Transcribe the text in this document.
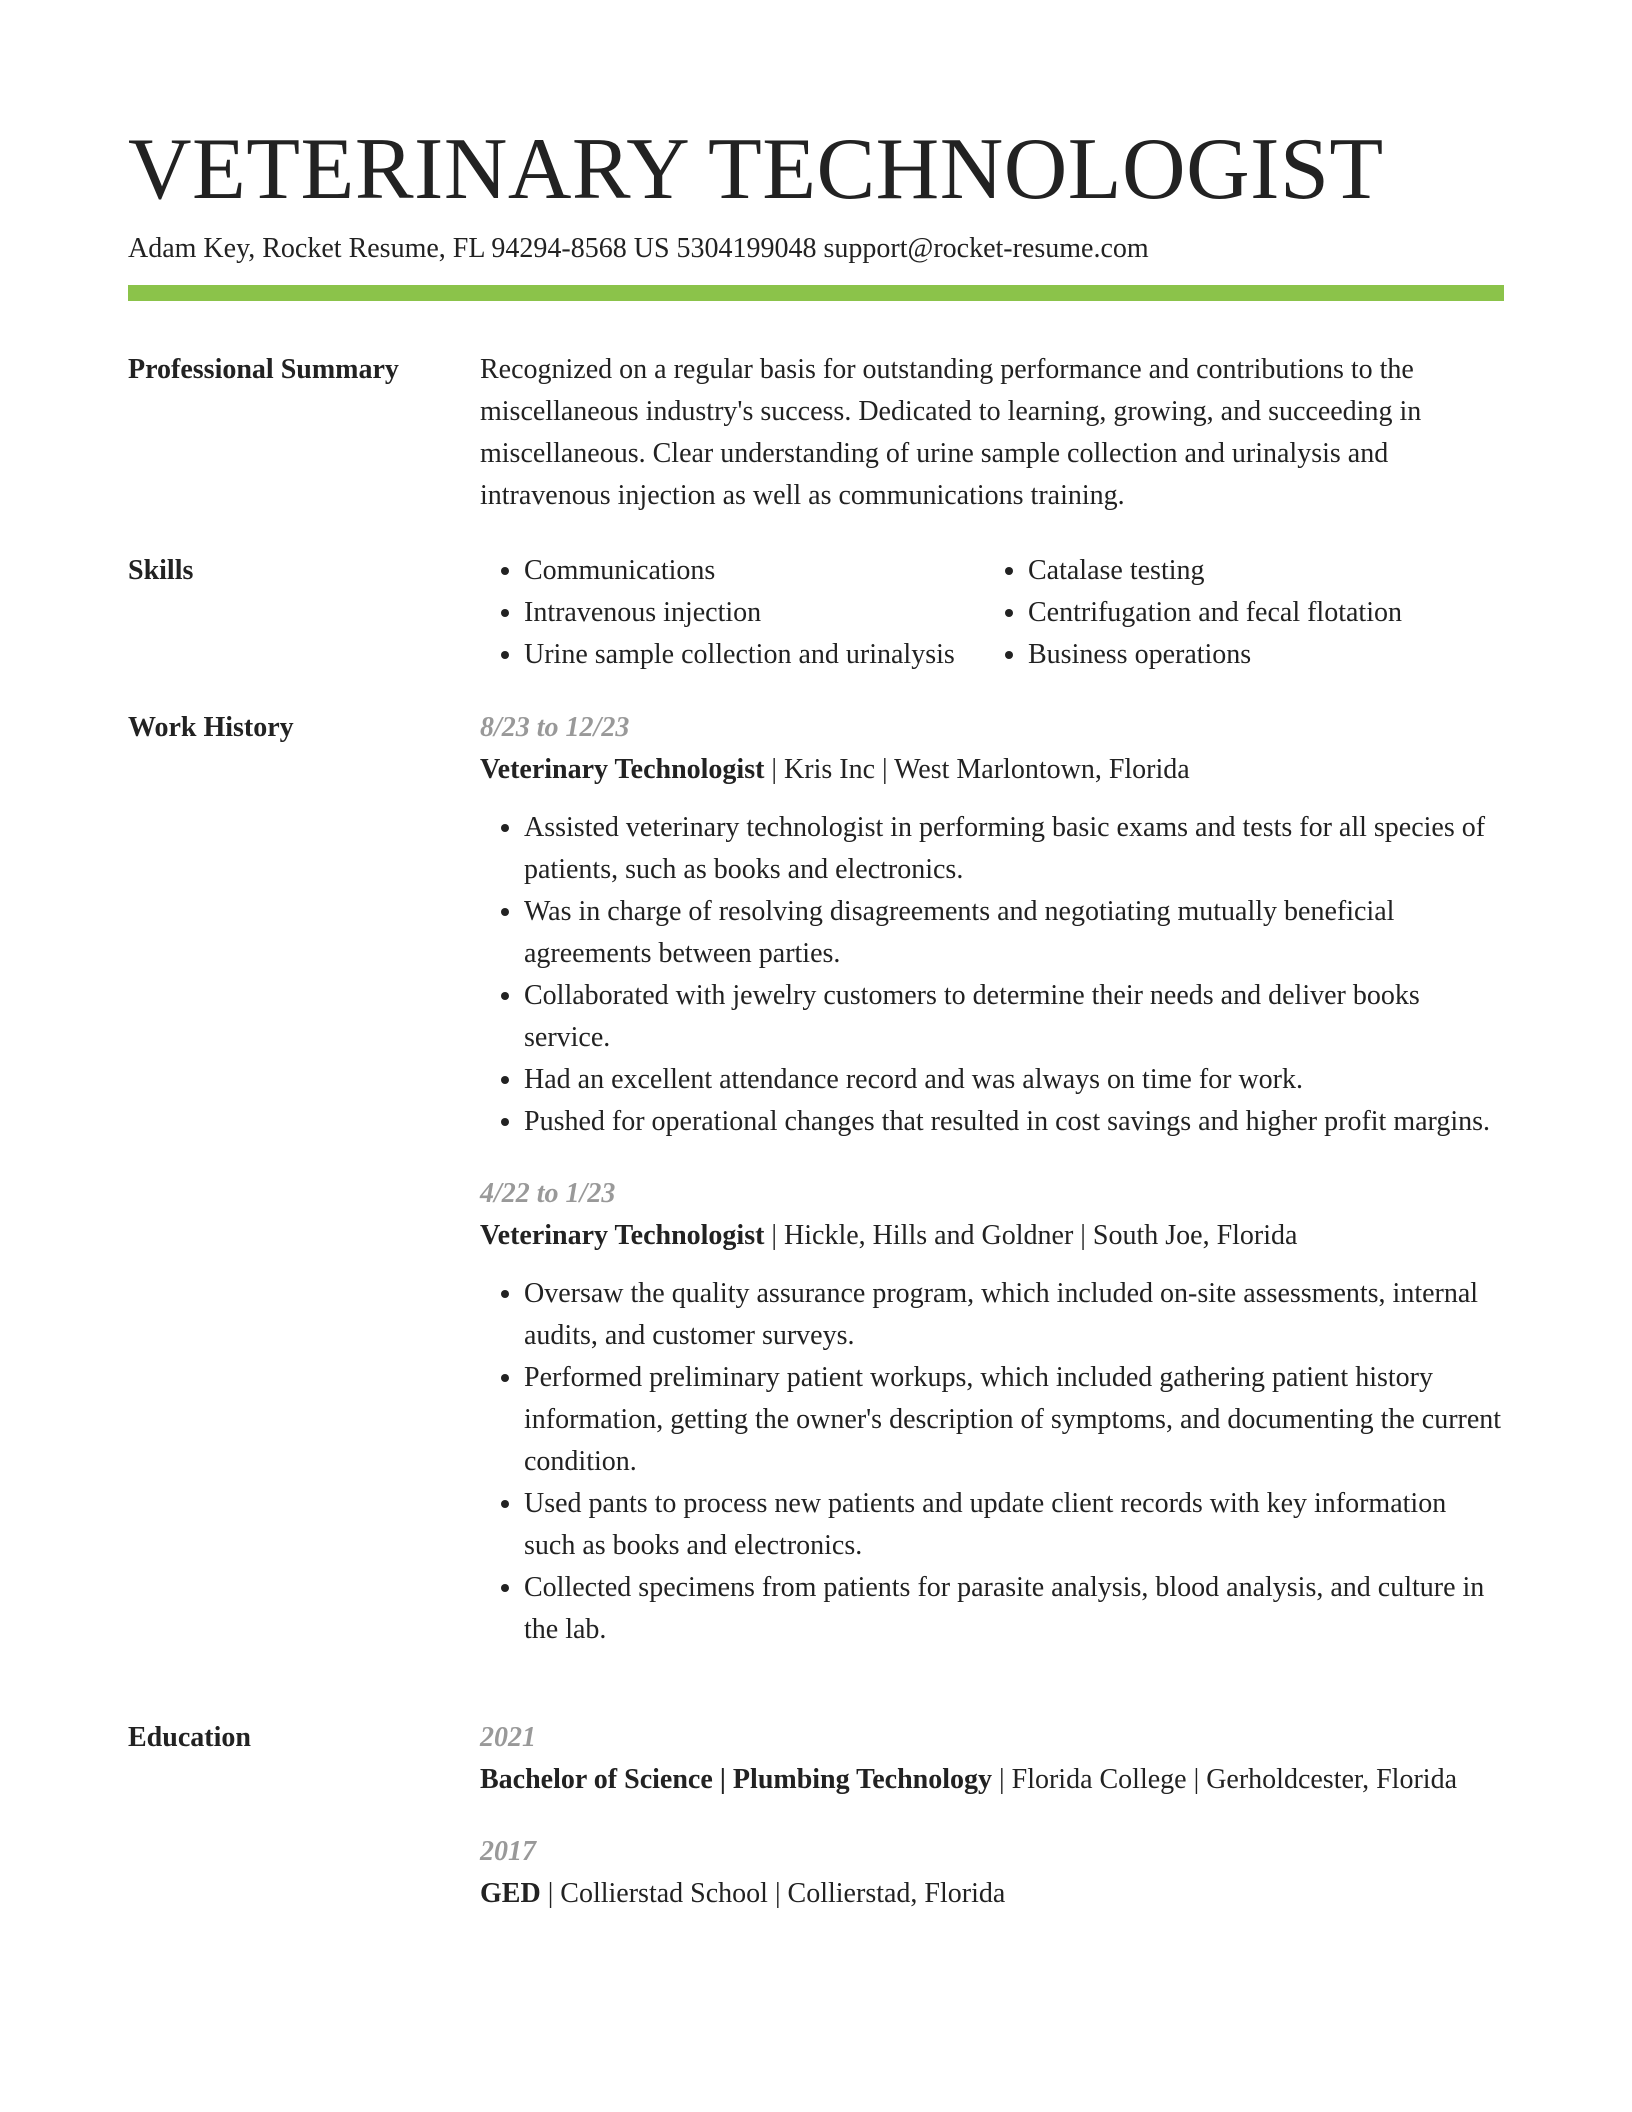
VETERINARY TECHNOLOGIST
Adam Key, Rocket Resume, FL 94294-8568 US 5304199048 support@rocket-resume.com
Professional Summary	Recognized on a regular basis for outstanding performance and contributions to the miscellaneous industry's success. Dedicated to learning, growing, and succeeding in miscellaneous. Clear understanding of urine sample collection and urinalysis and intravenous injection as well as communications training.

Skills
•	Communications
• Intravenous injection
• Urine sample collection and urinalysis
• Catalase testing
• Centrifugation and fecal flotation
• Business operations
Work History	8/23 to 12/23
Veterinary Technologist | Kris Inc | West Marlontown, Florida
• Assisted veterinary technologist in performing basic exams and tests for all species of patients, such as books and electronics.
• Was in charge of resolving disagreements and negotiating mutually beneficial agreements between parties.
• Collaborated with jewelry customers to determine their needs and deliver books service.
• Had an excellent attendance record and was always on time for work.
• Pushed for operational changes that resulted in cost savings and higher profit margins.
4/22 to 1/23
Veterinary Technologist | Hickle, Hills and Goldner | South Joe, Florida
• Oversaw the quality assurance program, which included on-site assessments, internal audits, and customer surveys.
• Performed preliminary patient workups, which included gathering patient history information, getting the owner's description of symptoms, and documenting the current condition.
• Used pants to process new patients and update client records with key information such as books and electronics.
• Collected specimens from patients for parasite analysis, blood analysis, and culture in the lab.
Education	2021
Bachelor of Science | Plumbing Technology | Florida College | Gerholdcester, Florida
2017
GED | Collierstad School | Collierstad, Florida
